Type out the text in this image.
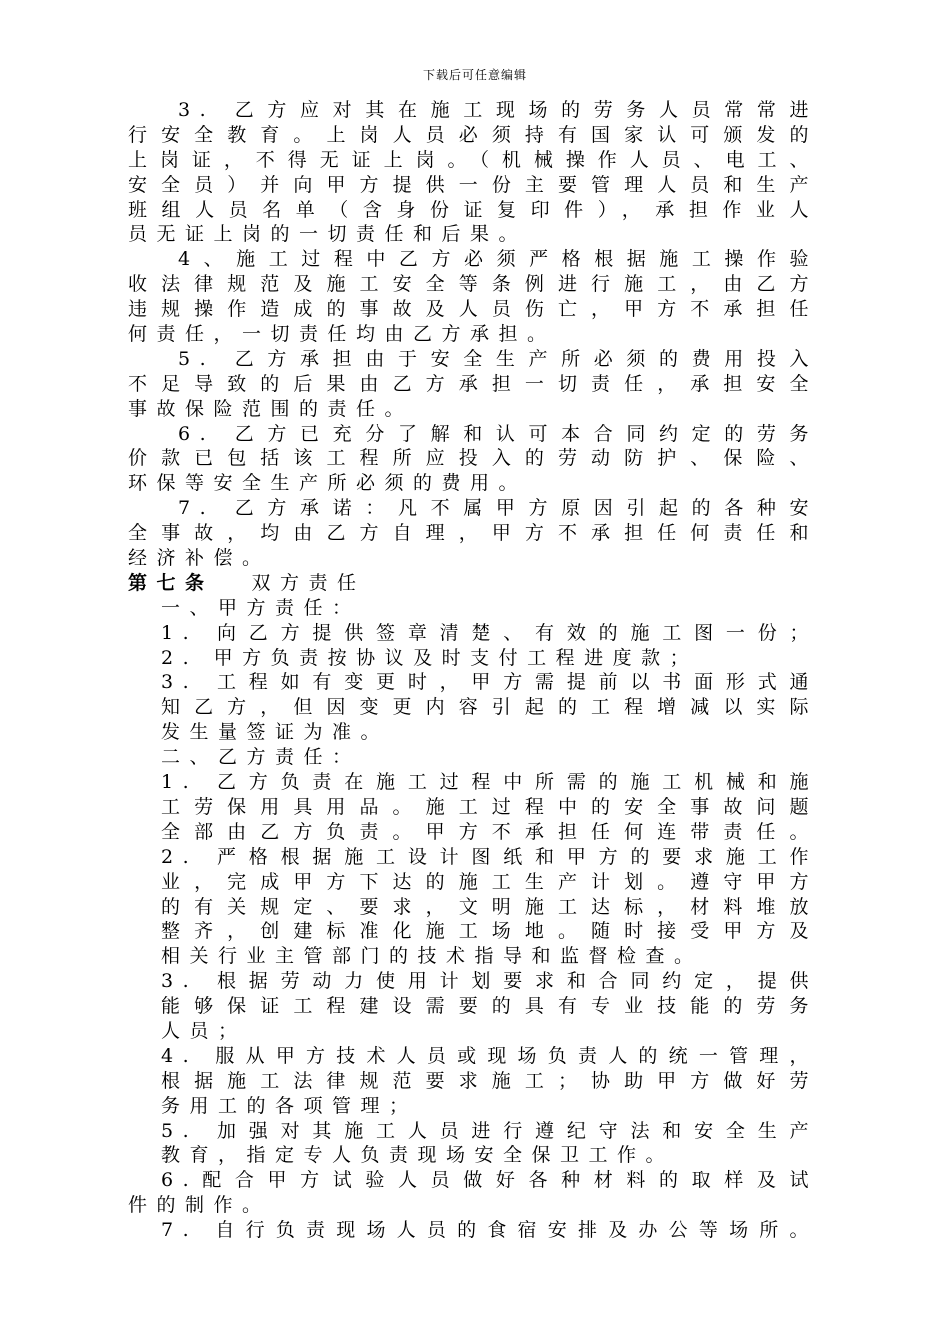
下载后可任意编辑
3. 乙方应对其在施工现场的劳务人员常常进
行安全教育。上岗人员必须持有国家认可颁发的
上岗证，不得无证上岗。（机械操作人员、电工、
安全员）并向甲方提供一份主要管理人员和生产
班组人员名单（含身份证复印件），承担作业人
员无证上岗的一切责任和后果。
4、施工过程中乙方必须严格根据施工操作验
收法律规范及施工安全等条例进行施工，由乙方
违规操作造成的事故及人员伤亡，甲方不承担任
何责任，一切责任均由乙方承担。
5. 乙方承担由于安全生产所必须的费用投入
不足导致的后果由乙方承担一切责任，承担安全
事故保险范围的责任。
6. 乙方已充分了解和认可本合同约定的劳务
价款已包括该工程所应投入的劳动防护、保险、
环保等安全生产所必须的费用。
7. 乙方承诺：凡不属甲方原因引起的各种安
全事故，均由乙方自理，甲方不承担任何责任和
经济补偿。
第七条 双方责任
一、甲方责任：
1. 向乙方提供签章清楚、有效的施工图一份；
2. 甲方负责按协议及时支付工程进度款；
3. 工程如有变更时，甲方需提前以书面形式通
知乙方，但因变更内容引起的工程增减以实际
发生量签证为准。
二、乙方责任：
1. 乙方负责在施工过程中所需的施工机械和施
工劳保用具用品。施工过程中的安全事故问题
全部由乙方负责。甲方不承担任何连带责任。
2. 严格根据施工设计图纸和甲方的要求施工作
业，完成甲方下达的施工生产计划。遵守甲方
的有关规定、要求，文明施工达标，材料堆放
整齐，创建标准化施工场地。随时接受甲方及
相关行业主管部门的技术指导和监督检查。
3. 根据劳动力使用计划要求和合同约定，提供
能够保证工程建设需要的具有专业技能的劳务
人员；
4. 服从甲方技术人员或现场负责人的统一管理，
根据施工法律规范要求施工；协助甲方做好劳
务用工的各项管理；
5. 加强对其施工人员进行遵纪守法和安全生产
教育，指定专人负责现场安全保卫工作。
6.配合甲方试验人员做好各种材料的取样及试
件的制作。
7. 自行负责现场人员的食宿安排及办公等场所。
